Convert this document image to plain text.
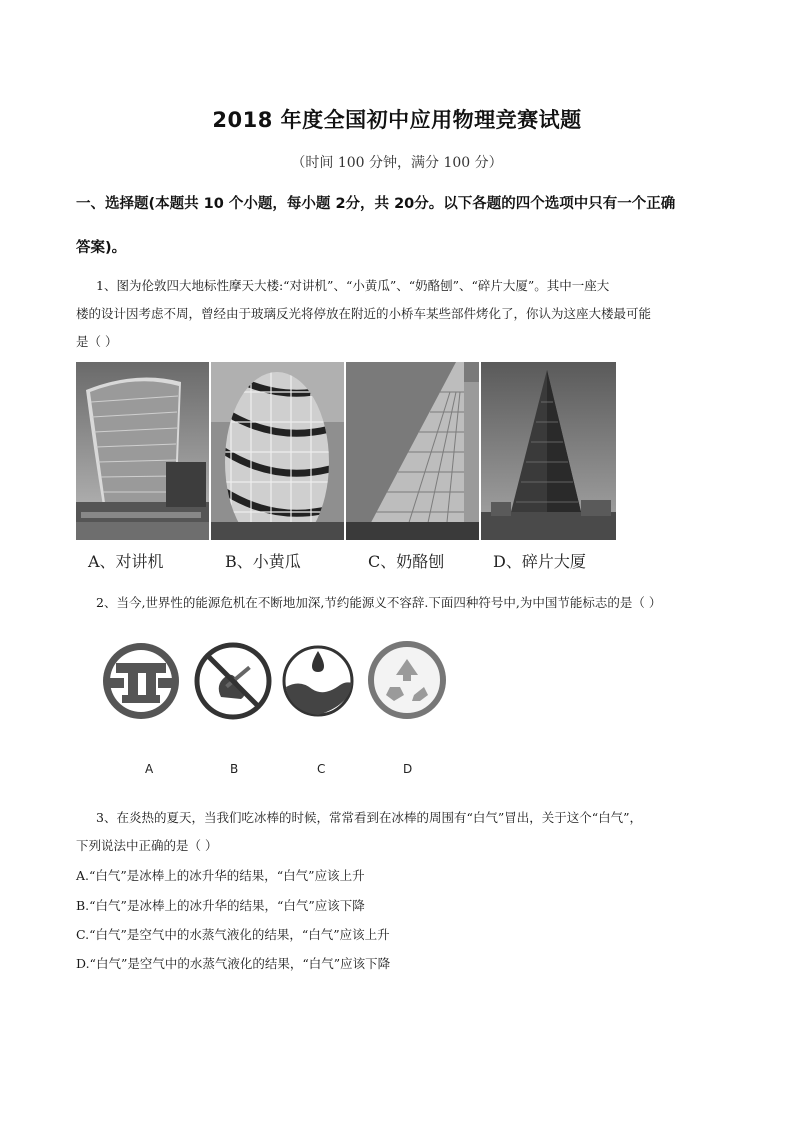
2018 年度全国初中应用物理竞赛试题
（时间 100 分钟，满分 100 分）
一、选择题(本题共 10 个小题，每小题 2分，共 20分。以下各题的四个选项中只有一个正确
答案)。
1、图为伦敦四大地标性摩天大楼:“对讲机”、“小黄瓜”、“奶酪刨”、“碎片大厦”。其中一座大
楼的设计因考虑不周，曾经由于玻璃反光将停放在附近的小桥车某些部件烤化了，你认为这座大楼最可能
是（ ）
A、对讲机	B、小黄瓜	C、奶酪刨	D、碎片大厦
2、当今,世界性的能源危机在不断地加深,节约能源义不容辞.下面四种符号中,为中国节能标志的是（ ）
A	B	C	D
3、在炎热的夏天，当我们吃冰棒的时候，常常看到在冰棒的周围有“白气”冒出，关于这个“白气”，
下列说法中正确的是（ ）
A.“白气”是冰棒上的冰升华的结果，“白气”应该上升
B.“白气”是冰棒上的冰升华的结果，“白气”应该下降
C.“白气”是空气中的水蒸气液化的结果，“白气”应该上升
D.“白气”是空气中的水蒸气液化的结果，“白气”应该下降
